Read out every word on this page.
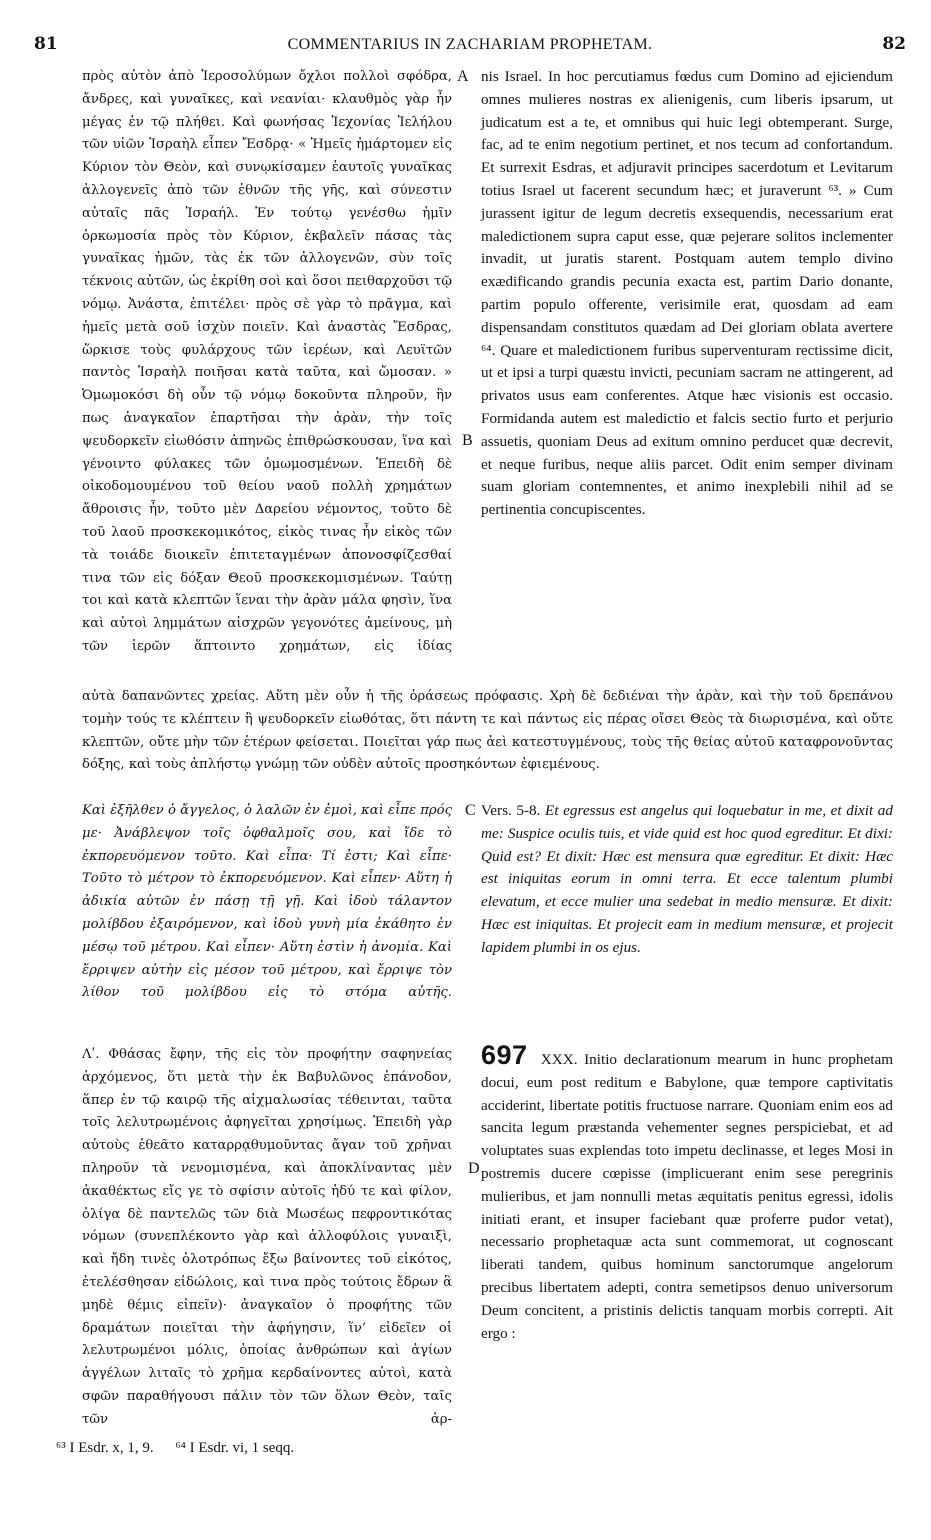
81	COMMENTARIUS IN ZACHARIAM PROPHETAM.	82

πρὸς αὐτὸν ἀπὸ Ἱεροσολύμων ὄχλοι πολλοὶ σφόδρα, ἄνδρες, καὶ γυναῖκες, καὶ νεανίαι· κλαυθμὸς γὰρ ἦν μέγας ἐν τῷ πλήθει. Καὶ φωνήσας Ἰεχονίας Ἰελήλου τῶν υἱῶν Ἰσραὴλ εἶπεν Ἔσδρᾳ· « Ἡμεῖς ἡμάρτομεν εἰς Κύριον τὸν Θεὸν, καὶ συνῳκίσαμεν ἑαυτοῖς γυναῖκας ἀλλογενεῖς ἀπὸ τῶν ἐθνῶν τῆς γῆς, καὶ σύνεστιν αὐταῖς πᾶς Ἰσραήλ. Ἐν τούτῳ γενέσθω ἡμῖν ὁρκωμοσία πρὸς τὸν Κύριον, ἐκβαλεῖν πάσας τὰς γυναῖκας ἡμῶν, τὰς ἐκ τῶν ἀλλογενῶν, σὺν τοῖς τέκνοις αὐτῶν, ὡς ἐκρίθη σοὶ καὶ ὅσοι πειθαρχοῦσι τῷ νόμῳ. Ἀνάστα, ἐπιτέλει· πρὸς σὲ γὰρ τὸ πρᾶγμα, καὶ ἡμεῖς μετὰ σοῦ ἰσχὺν ποιεῖν. Καὶ ἀναστὰς Ἔσδρας, ὥρκισε τοὺς φυλάρχους τῶν ἱερέων, καὶ Λευϊτῶν παντὸς Ἰσραὴλ ποιῆσαι κατὰ ταῦτα, καὶ ὤμοσαν. » Ὀμωμοκόσι δὴ οὖν τῷ νόμῳ δοκοῦντα πληροῦν, ἣν πως ἀναγκαῖον ἐπαρτῆσαι τὴν ἀρὰν, τὴν τοῖς ψευδορκεῖν εἰωθόσιν ἀπηνῶς ἐπιθρώσκουσαν, ἵνα καὶ γένοιντο φύλακες τῶν ὀμωμοσμένων. Ἐπειδὴ δὲ οἰκοδομουμένου τοῦ θείου ναοῦ πολλὴ χρημάτων ἄθροισις ἦν, τοῦτο μὲν Δαρείου νέμοντος, τοῦτο δὲ τοῦ λαοῦ προσκεκομικότος, εἰκὸς τινας ἦν εἰκὸς τῶν τὰ τοιάδε διοικεῖν ἐπιτεταγμένων ἀπονοσφίζεσθαί τινα τῶν εἰς δόξαν Θεοῦ προσκεκομισμένων. Ταύτῃ τοι καὶ κατὰ κλεπτῶν ἵεναι τὴν ἀρὰν μάλα φησὶν, ἵνα καὶ αὐτοὶ λημμάτων αἰσχρῶν γεγονότες ἀμείνους, μὴ τῶν ἱερῶν ἅπτοιντο χρημάτων, εἰς ἰδίας

nis Israel. In hoc percutiamus fœdus cum Domino ad ejiciendum omnes mulieres nostras ex alienigenis, cum liberis ipsarum, ut judicatum est a te, et omnibus qui huic legi obtemperant. Surge, fac, ad te enim negotium pertinet, et nos tecum ad confortandum. Et surrexit Esdras, et adjuravit principes sacerdotum et Levitarum totius Israel ut facerent secundum hæc; et juraverunt ⁶³. » Cum jurassent igitur de legum decretis exsequendis, necessarium erat maledictionem supra caput esse, quæ pejerare solitos inclementer invadit, ut juratis starent. Postquam autem templo divino exædificando grandis pecunia exacta est, partim Dario donante, partim populo offerente, verisimile erat, quosdam ad eam dispensandam constitutos quædam ad Dei gloriam oblata avertere ⁶⁴. Quare et maledictionem furibus superventuram rectissime dicit, ut et ipsi a turpi quæstu invicti, pecuniam sacram ne attingerent, ad privatos usus eam conferentes. Atque hæc visionis est occasio. Formidanda autem est maledictio et falcis sectio furto et perjurio assuetis, quoniam Deus ad exitum omnino perducet quæ decrevit, et neque furibus, neque aliis parcet. Odit enim semper divinam suam gloriam contemnentes, et animo inexplebili nihil ad se pertinentia concupiscentes.

A
B

αὐτὰ δαπανῶντες χρείας. Αὕτη μὲν οὖν ἡ τῆς ὁράσεως πρόφασις. Χρὴ δὲ δεδιέναι τὴν ἀρὰν, καὶ τὴν τοῦ δρεπάνου τομὴν τούς τε κλέπτειν ἢ ψευδορκεῖν εἰωθότας, ὅτι πάντη τε καὶ πάντως εἰς πέρας οἴσει Θεὸς τὰ διωρισμένα, καὶ οὔτε κλεπτῶν, οὔτε μὴν τῶν ἑτέρων φείσεται. Ποιεῖται γάρ πως ἀεὶ κατεστυγμένους, τοὺς τῆς θείας αὐτοῦ καταφρονοῦντας δόξης, καὶ τοὺς ἀπλήστῳ γνώμῃ τῶν οὐδὲν αὐτοῖς προσηκόντων ἐφιεμένους.

Καὶ ἐξῆλθεν ὁ ἄγγελος, ὁ λαλῶν ἐν ἐμοὶ, καὶ εἶπε πρός με· Ἀνάβλεψον τοῖς ὀφθαλμοῖς σου, καὶ ἴδε τὸ ἐκπορευόμενον τοῦτο. Καὶ εἶπα· Τί ἐστι; Καὶ εἶπε· Τοῦτο τὸ μέτρον τὸ ἐκπορευόμενον. Καὶ εἶπεν· Αὕτη ἡ ἀδικία αὐτῶν ἐν πάσῃ τῇ γῇ. Καὶ ἰδοὺ τάλαντον μολίβδου ἐξαιρόμενον, καὶ ἰδοὺ γυνὴ μία ἐκάθητο ἐν μέσῳ τοῦ μέτρου. Καὶ εἶπεν· Αὕτη ἐστὶν ἡ ἀνομία. Καὶ ἔρριψεν αὐτὴν εἰς μέσον τοῦ μέτρου, καὶ ἔρριψε τὸν λίθον τοῦ μολίβδου εἰς τὸ στόμα αὐτῆς.

Vers. 5-8. Et egressus est angelus qui loquebatur in me, et dixit ad me: Suspice oculis tuis, et vide quid est hoc quod egreditur. Et dixi: Quid est? Et dixit: Hæc est mensura quæ egreditur. Et dixit: Hæc est iniquitas eorum in omni terra. Et ecce talentum plumbi elevatum, et ecce mulier una sedebat in medio mensuræ. Et dixit: Hæc est iniquitas. Et projecit eam in medium mensuræ, et projecit lapidem plumbi in os ejus.

C

Λʹ. Φθάσας ἔφην, τῆς εἰς τὸν προφήτην σαφηνείας ἀρχόμενος, ὅτι μετὰ τὴν ἐκ Βαβυλῶνος ἐπάνοδον, ἅπερ ἐν τῷ καιρῷ τῆς αἰχμαλωσίας τέθεινται, ταῦτα τοῖς λελυτρωμένοις ἀφηγεῖται χρησίμως. Ἐπειδὴ γὰρ αὐτοὺς ἐθεᾶτο καταρρᾳθυμοῦντας ἄγαν τοῦ χρῆναι πληροῦν τὰ νενομισμένα, καὶ ἀποκλίναντας μὲν ἀκαθέκτως εἴς γε τὸ σφίσιν αὐτοῖς ἡδύ τε καὶ φίλον, ὀλίγα δὲ παντελῶς τῶν διὰ Μωσέως πεφροντικότας νόμων (συνεπλέκοντο γὰρ καὶ ἀλλοφύλοις γυναιξὶ, καὶ ἤδη τινὲς ὁλοτρόπως ἔξω βαίνοντες τοῦ εἰκότος, ἐτελέσθησαν εἰδώλοις, καὶ τινα πρὸς τούτοις ἔδρων ἃ μηδὲ θέμις εἰπεῖν)· ἀναγκαῖον ὁ προφήτης τῶν δραμάτων ποιεῖται τὴν ἀφήγησιν, ἵν’ εἰδεῖεν οἱ λελυτρωμένοι μόλις, ὁποίας ἀνθρώπων καὶ ἁγίων ἀγγέλων λιταῖς τὸ χρῆμα κερδαίνοντες αὐτοὶ, κατὰ σφῶν παραθήγουσι πάλιν τὸν τῶν ὅλων Θεὸν, ταῖς τῶν ἀρ-

697 XXX. Initio declarationum mearum in hunc prophetam docui, eum post reditum e Babylone, quæ tempore captivitatis acciderint, libertate potitis fructuose narrare. Quoniam enim eos ad sancita legum præstanda vehementer segnes perspiciebat, et ad voluptates suas explendas toto impetu declinasse, et leges Mosi in postremis ducere cœpisse (implicuerant enim sese peregrinis mulieribus, et jam nonnulli metas æquitatis penitus egressi, idolis initiati erant, et insuper faciebant quæ proferre pudor vetat), necessario prophetaquæ acta sunt commemorat, ut cognoscant liberati tandem, quibus hominum sanctorumque angelorum precibus libertatem adepti, contra semetipsos denuo universorum Deum concitent, a pristinis delictis tanquam morbis correpti. Ait ergo :

D
⁶³ I Esdr. x, 1, 9. ⁶⁴ I Esdr. vi, 1 seqq.
